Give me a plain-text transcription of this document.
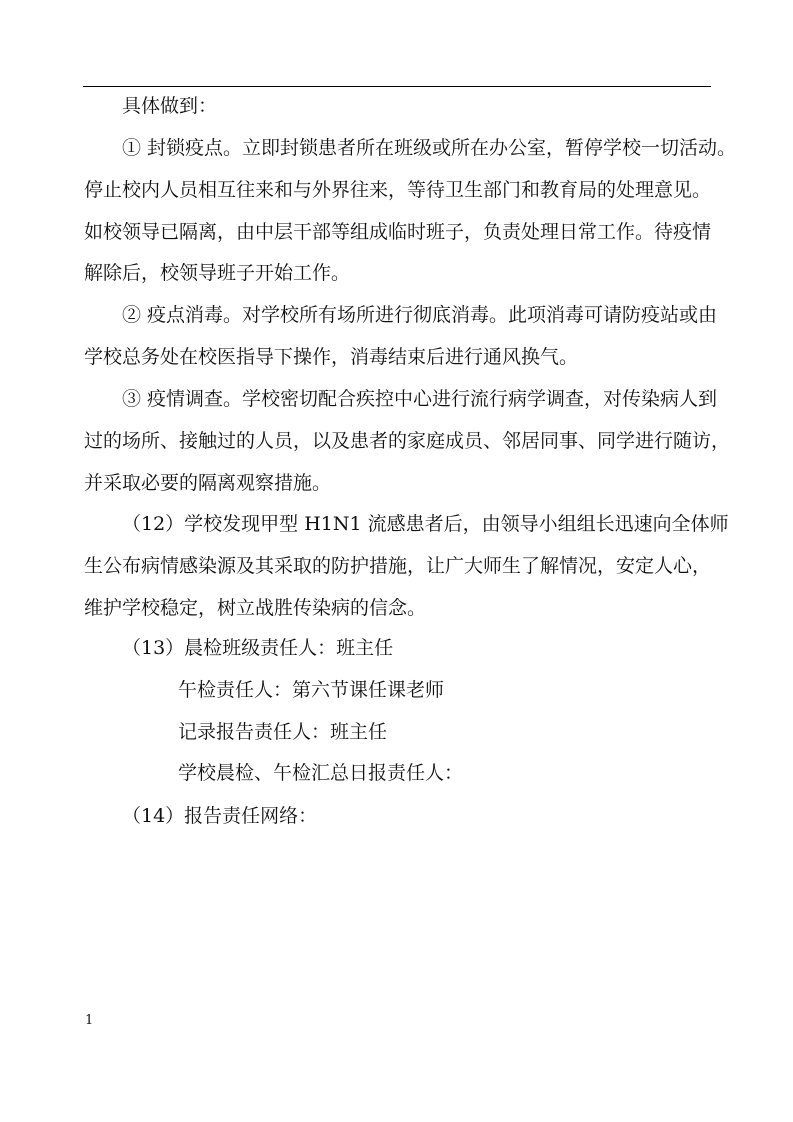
具体做到：
① 封锁疫点。立即封锁患者所在班级或所在办公室，暂停学校一切活动。
停止校内人员相互往来和与外界往来，等待卫生部门和教育局的处理意见。
如校领导已隔离，由中层干部等组成临时班子，负责处理日常工作。待疫情
解除后，校领导班子开始工作。
② 疫点消毒。对学校所有场所进行彻底消毒。此项消毒可请防疫站或由
学校总务处在校医指导下操作，消毒结束后进行通风换气。
③ 疫情调查。学校密切配合疾控中心进行流行病学调查，对传染病人到
过的场所、接触过的人员，以及患者的家庭成员、邻居同事、同学进行随访，
并采取必要的隔离观察措施。
（12）学校发现甲型 H1N1 流感患者后，由领导小组组长迅速向全体师
生公布病情感染源及其采取的防护措施，让广大师生了解情况，安定人心，
维护学校稳定，树立战胜传染病的信念。
（13）晨检班级责任人：班主任
午检责任人：第六节课任课老师
记录报告责任人：班主任
学校晨检、午检汇总日报责任人：
（14）报告责任网络：
1
